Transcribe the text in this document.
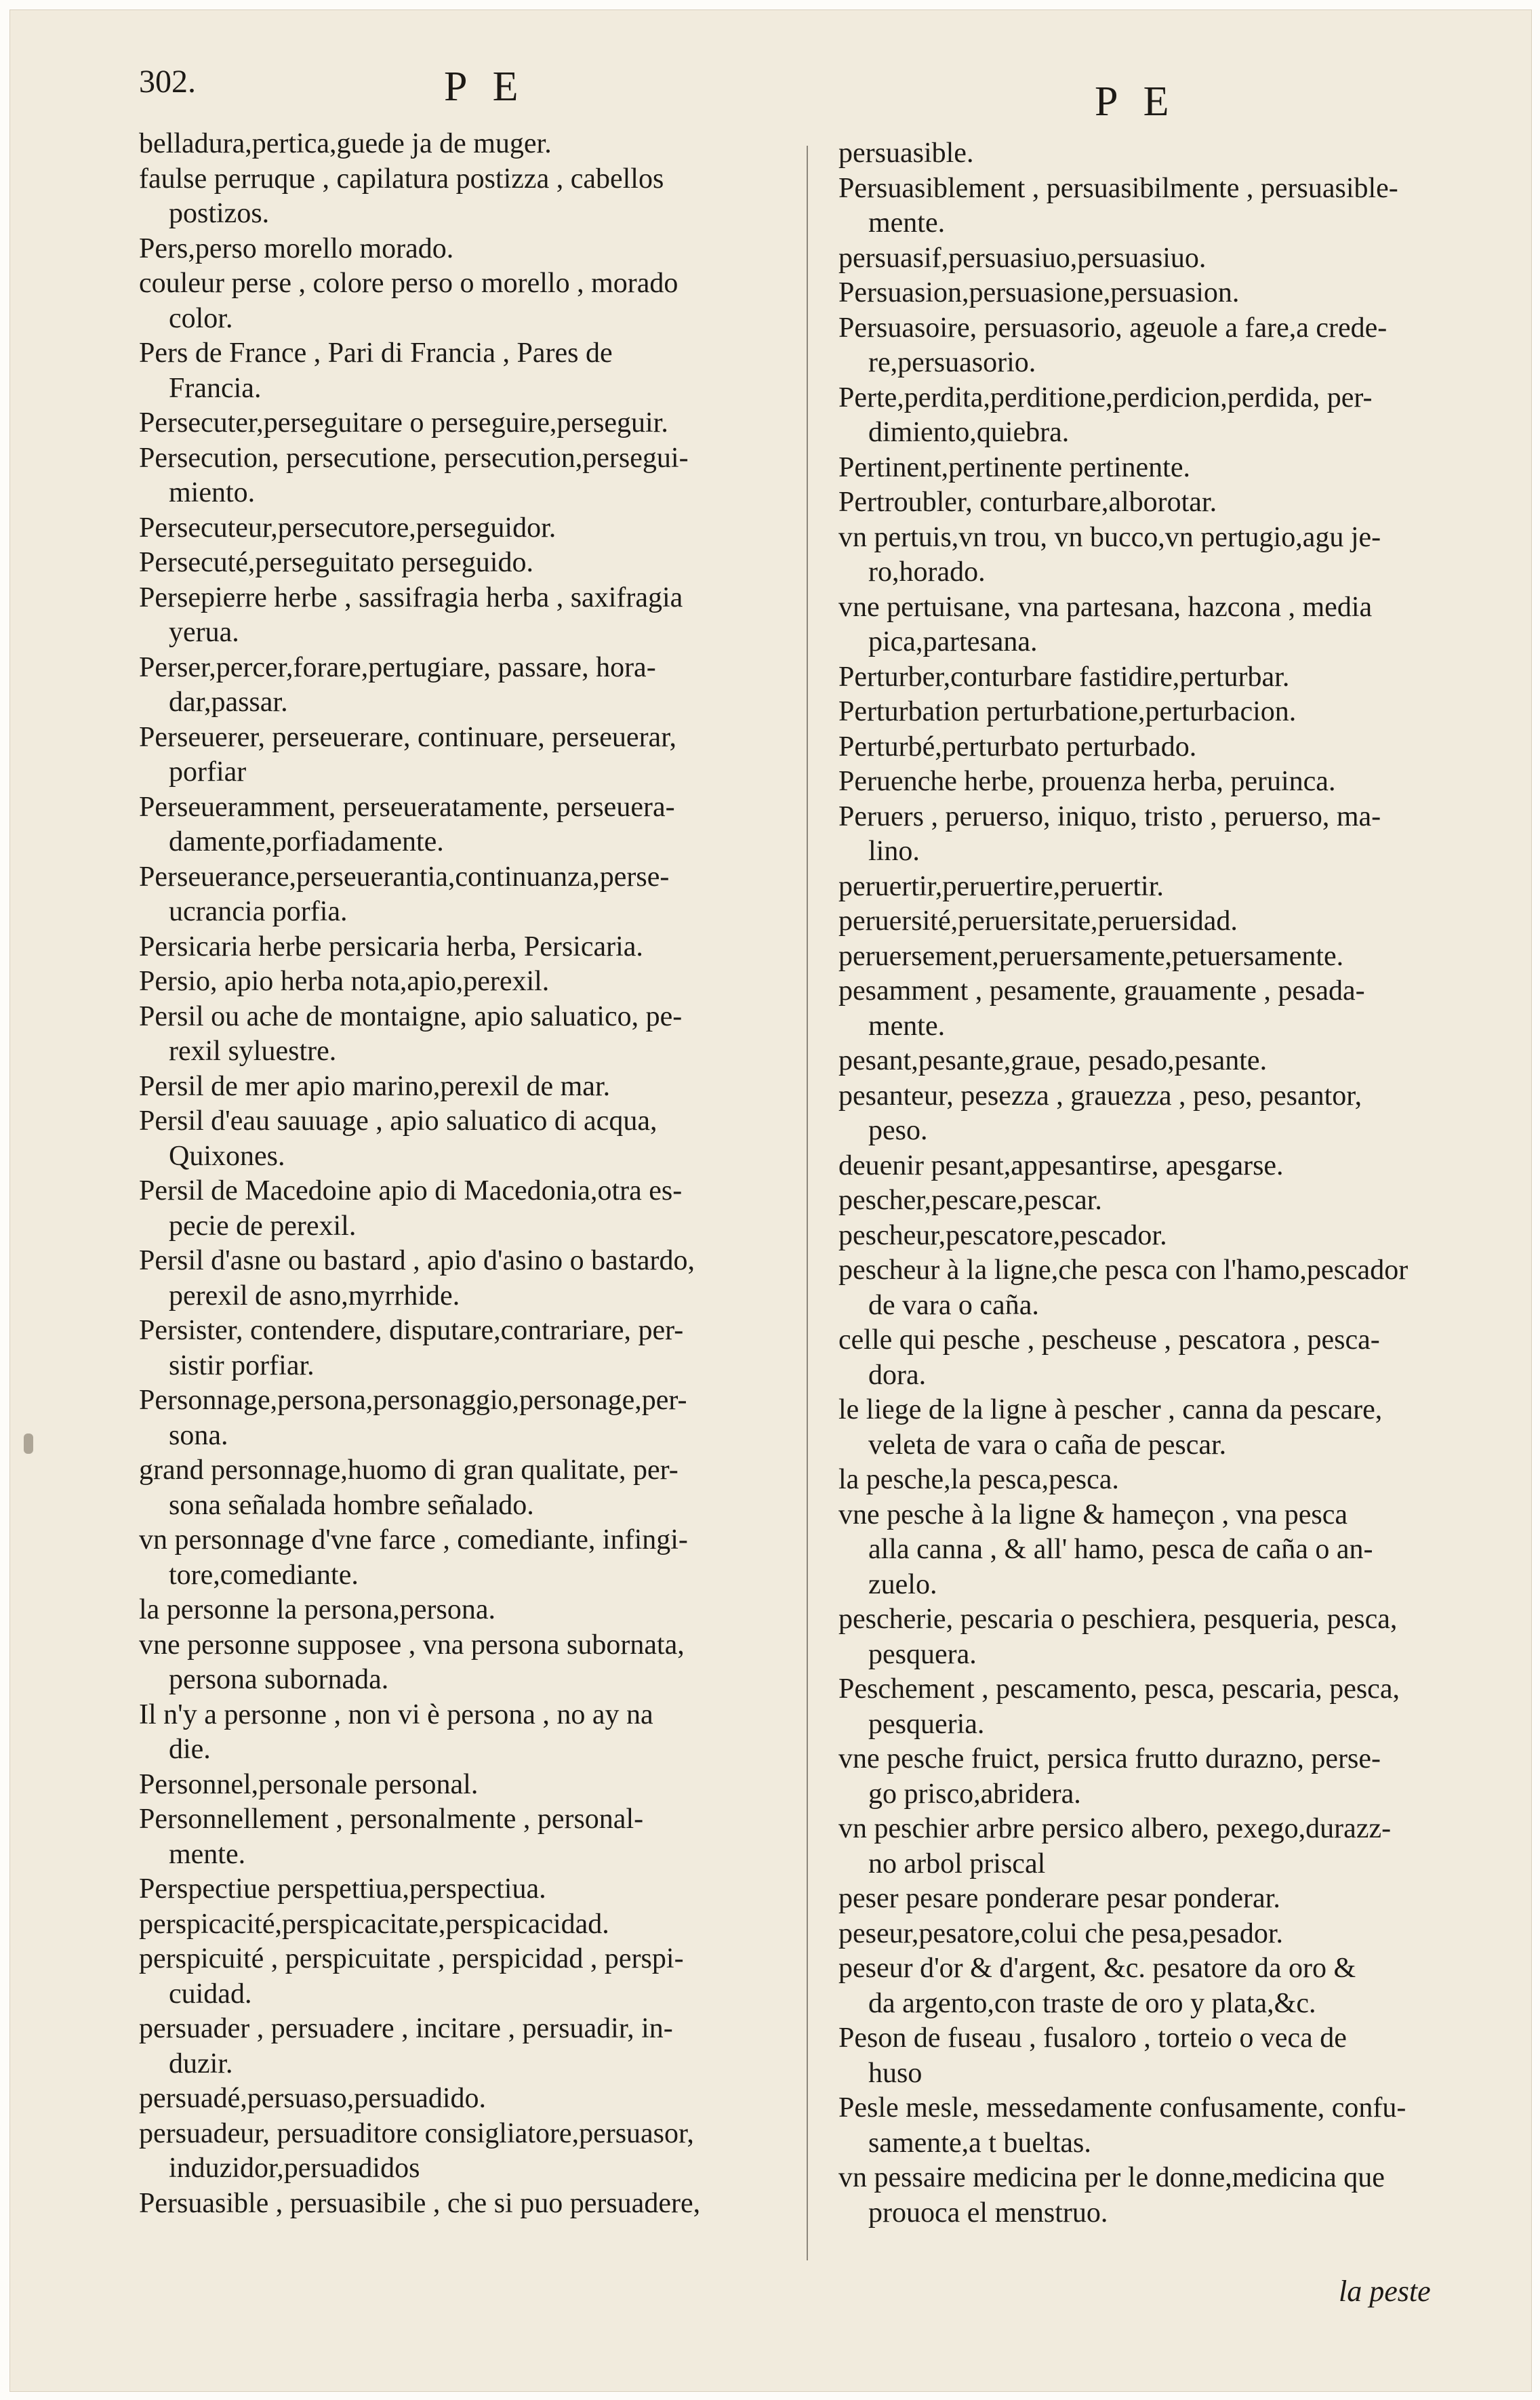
302.	P E	P E

belladura,pertica,guede ja de muger.

faulse perruque , capilatura postizza , cabellos
postizos.

Pers,perso morello morado.

couleur perse , colore perso o morello , morado
color.

Pers de France , Pari di Francia , Pares de
Francia.

Persecuter,perseguitare o perseguire,perseguir.

Persecution, persecutione, persecution,persegui-
miento.

Persecuteur,persecutore,perseguidor.

Persecuté,perseguitato perseguido.

Persepierre herbe , sassifragia herba , saxifragia
yerua.

Perser,percer,forare,pertugiare, passare, hora-
dar,passar.

Perseuerer, perseuerare, continuare, perseuerar,
porfiar

Perseueramment, perseueratamente, perseuera-
damente,porfiadamente.

Perseuerance,perseuerantia,continuanza,perse-
ucrancia porfia.

Persicaria herbe persicaria herba, Persicaria.

Persio, apio herba nota,apio,perexil.

Persil ou ache de montaigne, apio saluatico, pe-
rexil syluestre.

Persil de mer apio marino,perexil de mar.

Persil d'eau sauuage , apio saluatico di acqua,
Quixones.

Persil de Macedoine apio di Macedonia,otra es-
pecie de perexil.

Persil d'asne ou bastard , apio d'asino o bastardo,
perexil de asno,myrrhide.

Persister, contendere, disputare,contrariare, per-
sistir porfiar.

Personnage,persona,personaggio,personage,per-
sona.

grand personnage,huomo di gran qualitate, per-
sona señalada hombre señalado.

vn personnage d'vne farce , comediante, infingi-
tore,comediante.

la personne la persona,persona.

vne personne supposee , vna persona subornata,
persona subornada.

Il n'y a personne , non vi è persona , no ay na
die.

Personnel,personale personal.

Personnellement , personalmente , personal-
mente.

Perspectiue perspettiua,perspectiua.

perspicacité,perspicacitate,perspicacidad.

perspicuité , perspicuitate , perspicidad , perspi-
cuidad.

persuader , persuadere , incitare , persuadir, in-
duzir.

persuadé,persuaso,persuadido.

persuadeur, persuaditore consigliatore,persuasor,
induzidor,persuadidos

Persuasible , persuasibile , che si puo persuadere,

persuasible.

Persuasiblement , persuasibilmente , persuasible-
mente.

persuasif,persuasiuo,persuasiuo.

Persuasion,persuasione,persuasion.

Persuasoire, persuasorio, ageuole a fare,a crede-
re,persuasorio.

Perte,perdita,perditione,perdicion,perdida, per-
dimiento,quiebra.

Pertinent,pertinente pertinente.

Pertroubler, conturbare,alborotar.

vn pertuis,vn trou, vn bucco,vn pertugio,agu je-
ro,horado.

vne pertuisane, vna partesana, hazcona , media
pica,partesana.

Perturber,conturbare fastidire,perturbar.

Perturbation perturbatione,perturbacion.

Perturbé,perturbato perturbado.

Peruenche herbe, prouenza herba, peruinca.

Peruers , peruerso, iniquo, tristo , peruerso, ma-
lino.

peruertir,peruertire,peruertir.

peruersité,peruersitate,peruersidad.

peruersement,peruersamente,petuersamente.

pesamment , pesamente, grauamente , pesada-
mente.

pesant,pesante,graue, pesado,pesante.

pesanteur, pesezza , grauezza , peso, pesantor,
peso.

deuenir pesant,appesantirse, apesgarse.

pescher,pescare,pescar.

pescheur,pescatore,pescador.

pescheur à la ligne,che pesca con l'hamo,pescador
de vara o caña.

celle qui pesche , pescheuse , pescatora , pesca-
dora.

le liege de la ligne à pescher , canna da pescare,
veleta de vara o caña de pescar.

la pesche,la pesca,pesca.

vne pesche à la ligne & hameçon , vna pesca
alla canna , & all' hamo, pesca de caña o an-
zuelo.

pescherie, pescaria o peschiera, pesqueria, pesca,
pesquera.

Peschement , pescamento, pesca, pescaria, pesca,
pesqueria.

vne pesche fruict, persica frutto durazno, perse-
go prisco,abridera.

vn peschier arbre persico albero, pexego,durazz-
no arbol priscal

peser pesare ponderare pesar ponderar.

peseur,pesatore,colui che pesa,pesador.

peseur d'or & d'argent, &c. pesatore da oro &
da argento,con traste de oro y plata,&c.

Peson de fuseau , fusaloro , torteio o veca de
huso

Pesle mesle, messedamente confusamente, confu-
samente,a t bueltas.

vn pessaire medicina per le donne,medicina que
prouoca el menstruo.

la peste
